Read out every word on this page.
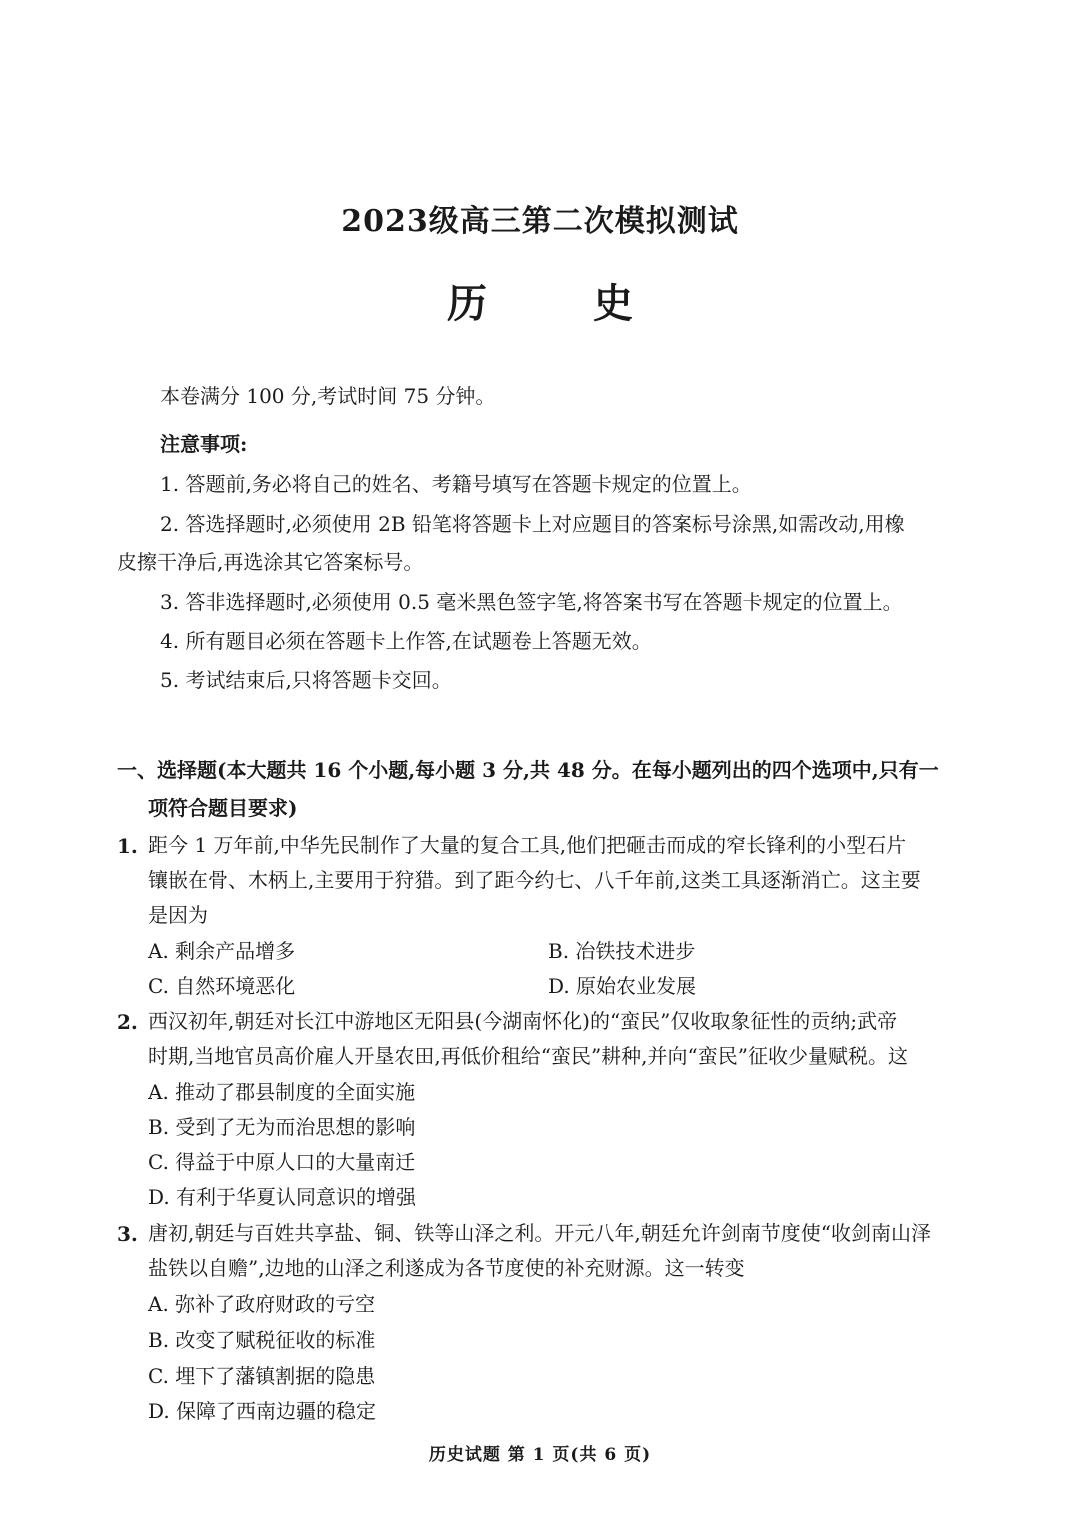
2023级高三第二次模拟测试
历 史
本卷满分 100 分,考试时间 75 分钟。
注意事项:
1. 答题前,务必将自己的姓名、考籍号填写在答题卡规定的位置上。
2. 答选择题时,必须使用 2B 铅笔将答题卡上对应题目的答案标号涂黑,如需改动,用橡
皮擦干净后,再选涂其它答案标号。
3. 答非选择题时,必须使用 0.5 毫米黑色签字笔,将答案书写在答题卡规定的位置上。
4. 所有题目必须在答题卡上作答,在试题卷上答题无效。
5. 考试结束后,只将答题卡交回。
一、选择题(本大题共 16 个小题,每小题 3 分,共 48 分。在每小题列出的四个选项中,只有一
项符合题目要求)
1. 距今 1 万年前,中华先民制作了大量的复合工具,他们把砸击而成的窄长锋利的小型石片
镶嵌在骨、木柄上,主要用于狩猎。到了距今约七、八千年前,这类工具逐渐消亡。这主要
是因为
A. 剩余产品增多	B. 冶铁技术进步
C. 自然环境恶化	D. 原始农业发展
2. 西汉初年,朝廷对长江中游地区无阳县(今湖南怀化)的“蛮民”仅收取象征性的贡纳;武帝
时期,当地官员高价雇人开垦农田,再低价租给“蛮民”耕种,并向“蛮民”征收少量赋税。这
A. 推动了郡县制度的全面实施
B. 受到了无为而治思想的影响
C. 得益于中原人口的大量南迁
D. 有利于华夏认同意识的增强
3. 唐初,朝廷与百姓共享盐、铜、铁等山泽之利。开元八年,朝廷允许剑南节度使“收剑南山泽
盐铁以自赡”,边地的山泽之利遂成为各节度使的补充财源。这一转变
A. 弥补了政府财政的亏空
B. 改变了赋税征收的标准
C. 埋下了藩镇割据的隐患
D. 保障了西南边疆的稳定
历史试题 第 1 页(共 6 页)
